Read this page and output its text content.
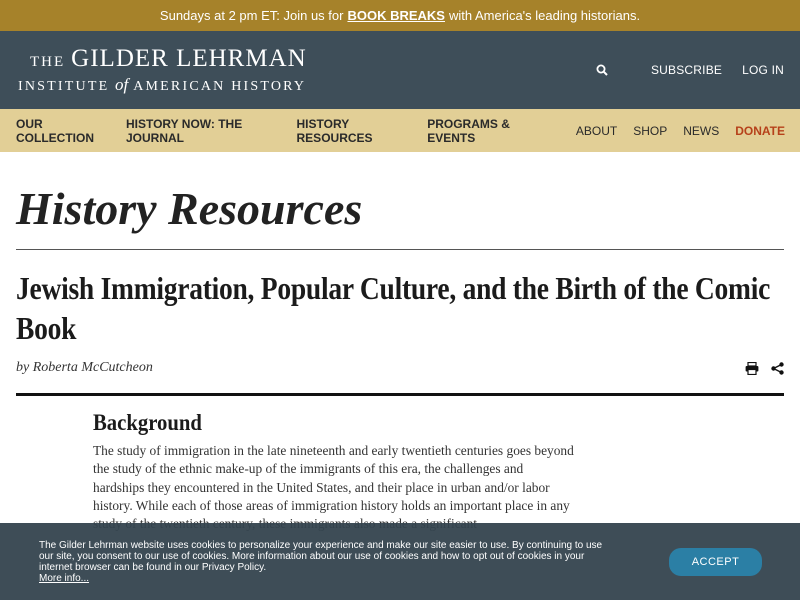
Sundays at 2 pm ET: Join us for BOOK BREAKS with America's leading historians.
THE GILDER LEHRMAN
INSTITUTE of AMERICAN HISTORY
SUBSCRIBE LOG IN
OUR COLLECTION
HISTORY NOW: THE JOURNAL
HISTORY RESOURCES
PROGRAMS & EVENTS	ABOUT SHOP NEWS DONATE
History Resources
Jewish Immigration, Popular Culture, and the Birth of the Comic Book
by Roberta McCutcheon
Background

The study of immigration in the late nineteenth and early twentieth centuries goes beyond the study of the ethnic make-up of the immigrants of this era, the challenges and hardships they encountered in the United States, and their place in urban and/or labor history. While each of those areas of immigration history holds an important place in any

The Gilder Lehrman website uses cookies to personalize your experience and make our site easier to use. By continuing to use our site, you consent to our use of cookies. More information about our use of cookies and how to opt out of cookies in your internet browser can be found in our Privacy Policy.
More info...
ACCEPT
